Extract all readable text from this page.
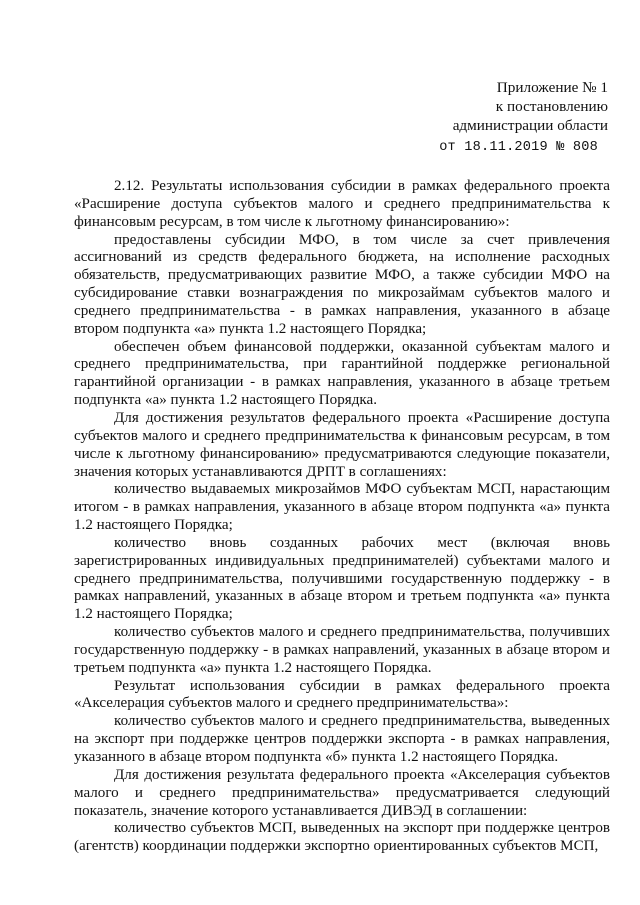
Приложение № 1
к постановлению
администрации области
от 18.11.2019 № 808

2.12. Результаты использования субсидии в рамках федерального проекта «Расширение доступа субъектов малого и среднего предпринимательства к финансовым ресурсам, в том числе к льготному финансированию»:

предоставлены субсидии МФО, в том числе за счет привлечения ассигнований из средств федерального бюджета, на исполнение расходных обязательств, предусматривающих развитие МФО, а также субсидии МФО на субсидирование ставки вознаграждения по микрозаймам субъектов малого и среднего предпринимательства - в рамках направления, указанного в абзаце втором подпункта «а» пункта 1.2 настоящего Порядка;

обеспечен объем финансовой поддержки, оказанной субъектам малого и среднего предпринимательства, при гарантийной поддержке региональной гарантийной организации - в рамках направления, указанного в абзаце третьем подпункта «а» пункта 1.2 настоящего Порядка.

Для достижения результатов федерального проекта «Расширение доступа субъектов малого и среднего предпринимательства к финансовым ресурсам, в том числе к льготному финансированию» предусматриваются следующие показатели, значения которых устанавливаются ДРПТ в соглашениях:

количество выдаваемых микрозаймов МФО субъектам МСП, нарастающим итогом - в рамках направления, указанного в абзаце втором подпункта «а» пункта 1.2 настоящего Порядка;

количество вновь созданных рабочих мест (включая вновь зарегистрированных индивидуальных предпринимателей) субъектами малого и среднего предпринимательства, получившими государственную поддержку - в рамках направлений, указанных в абзаце втором и третьем подпункта «а» пункта 1.2 настоящего Порядка;

количество субъектов малого и среднего предпринимательства, получивших государственную поддержку - в рамках направлений, указанных в абзаце втором и третьем подпункта «а» пункта 1.2 настоящего Порядка.

Результат использования субсидии в рамках федерального проекта «Акселерация субъектов малого и среднего предпринимательства»:

количество субъектов малого и среднего предпринимательства, выведенных на экспорт при поддержке центров поддержки экспорта - в рамках направления, указанного в абзаце втором подпункта «б» пункта 1.2 настоящего Порядка.

Для достижения результата федерального проекта «Акселерация субъектов малого и среднего предпринимательства» предусматривается следующий показатель, значение которого устанавливается ДИВЭД в соглашении:

количество субъектов МСП, выведенных на экспорт при поддержке центров (агентств) координации поддержки экспортно ориентированных субъектов МСП,
